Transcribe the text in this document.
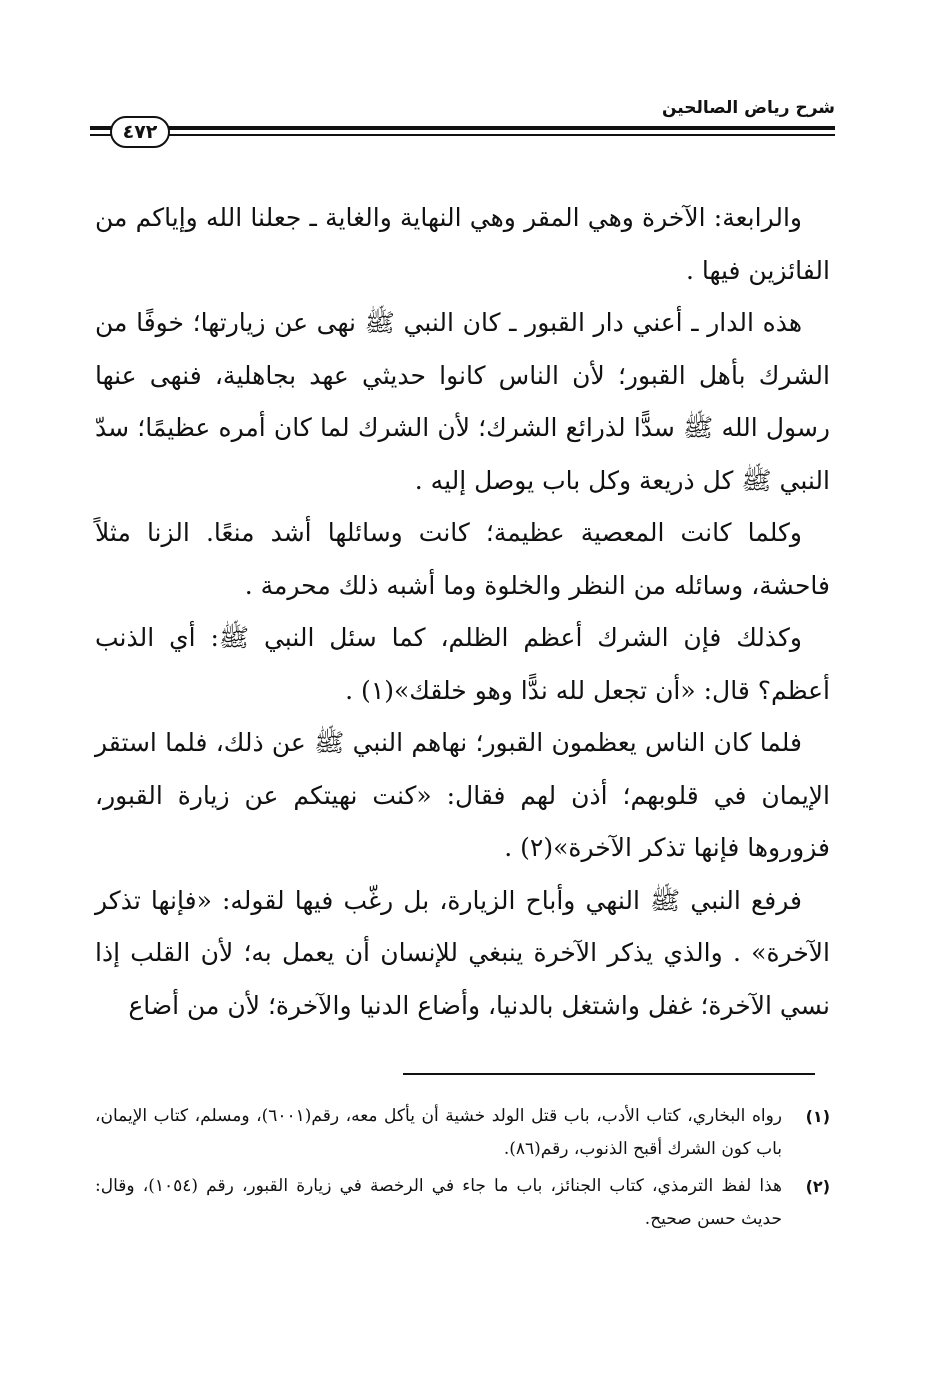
شرح رياض الصالحين
٤٧٢

والرابعة: الآخرة وهي المقر وهي النهاية والغاية ـ جعلنا الله وإياكم من الفائزين فيها .

هذه الدار ـ أعني دار القبور ـ كان النبي ﷺ نهى عن زيارتها؛ خوفًا من الشرك بأهل القبور؛ لأن الناس كانوا حديثي عهد بجاهلية، فنهى عنها رسول الله ﷺ سدًّا لذرائع الشرك؛ لأن الشرك لما كان أمره عظيمًا؛ سدّ النبي ﷺ كل ذريعة وكل باب يوصل إليه .

وكلما كانت المعصية عظيمة؛ كانت وسائلها أشد منعًا. الزنا مثلاً فاحشة، وسائله من النظر والخلوة وما أشبه ذلك محرمة .

وكذلك فإن الشرك أعظم الظلم، كما سئل النبي ﷺ: أي الذنب أعظم؟ قال: «أن تجعل لله ندًّا وهو خلقك»(١) .

فلما كان الناس يعظمون القبور؛ نهاهم النبي ﷺ عن ذلك، فلما استقر الإيمان في قلوبهم؛ أذن لهم فقال: «كنت نهيتكم عن زيارة القبور، فزوروها فإنها تذكر الآخرة»(٢) .

فرفع النبي ﷺ النهي وأباح الزيارة، بل رغّب فيها لقوله: «فإنها تذكر الآخرة» . والذي يذكر الآخرة ينبغي للإنسان أن يعمل به؛ لأن القلب إذا نسي الآخرة؛ غفل واشتغل بالدنيا، وأضاع الدنيا والآخرة؛ لأن من أضاع

(١)
رواه البخاري، كتاب الأدب، باب قتل الولد خشية أن يأكل معه، رقم(٦٠٠١)، ومسلم، كتاب الإيمان، باب كون الشرك أقبح الذنوب، رقم(٨٦).
(٢)
هذا لفظ الترمذي، كتاب الجنائز، باب ما جاء في الرخصة في زيارة القبور، رقم (١٠٥٤)، وقال: حديث حسن صحيح.
